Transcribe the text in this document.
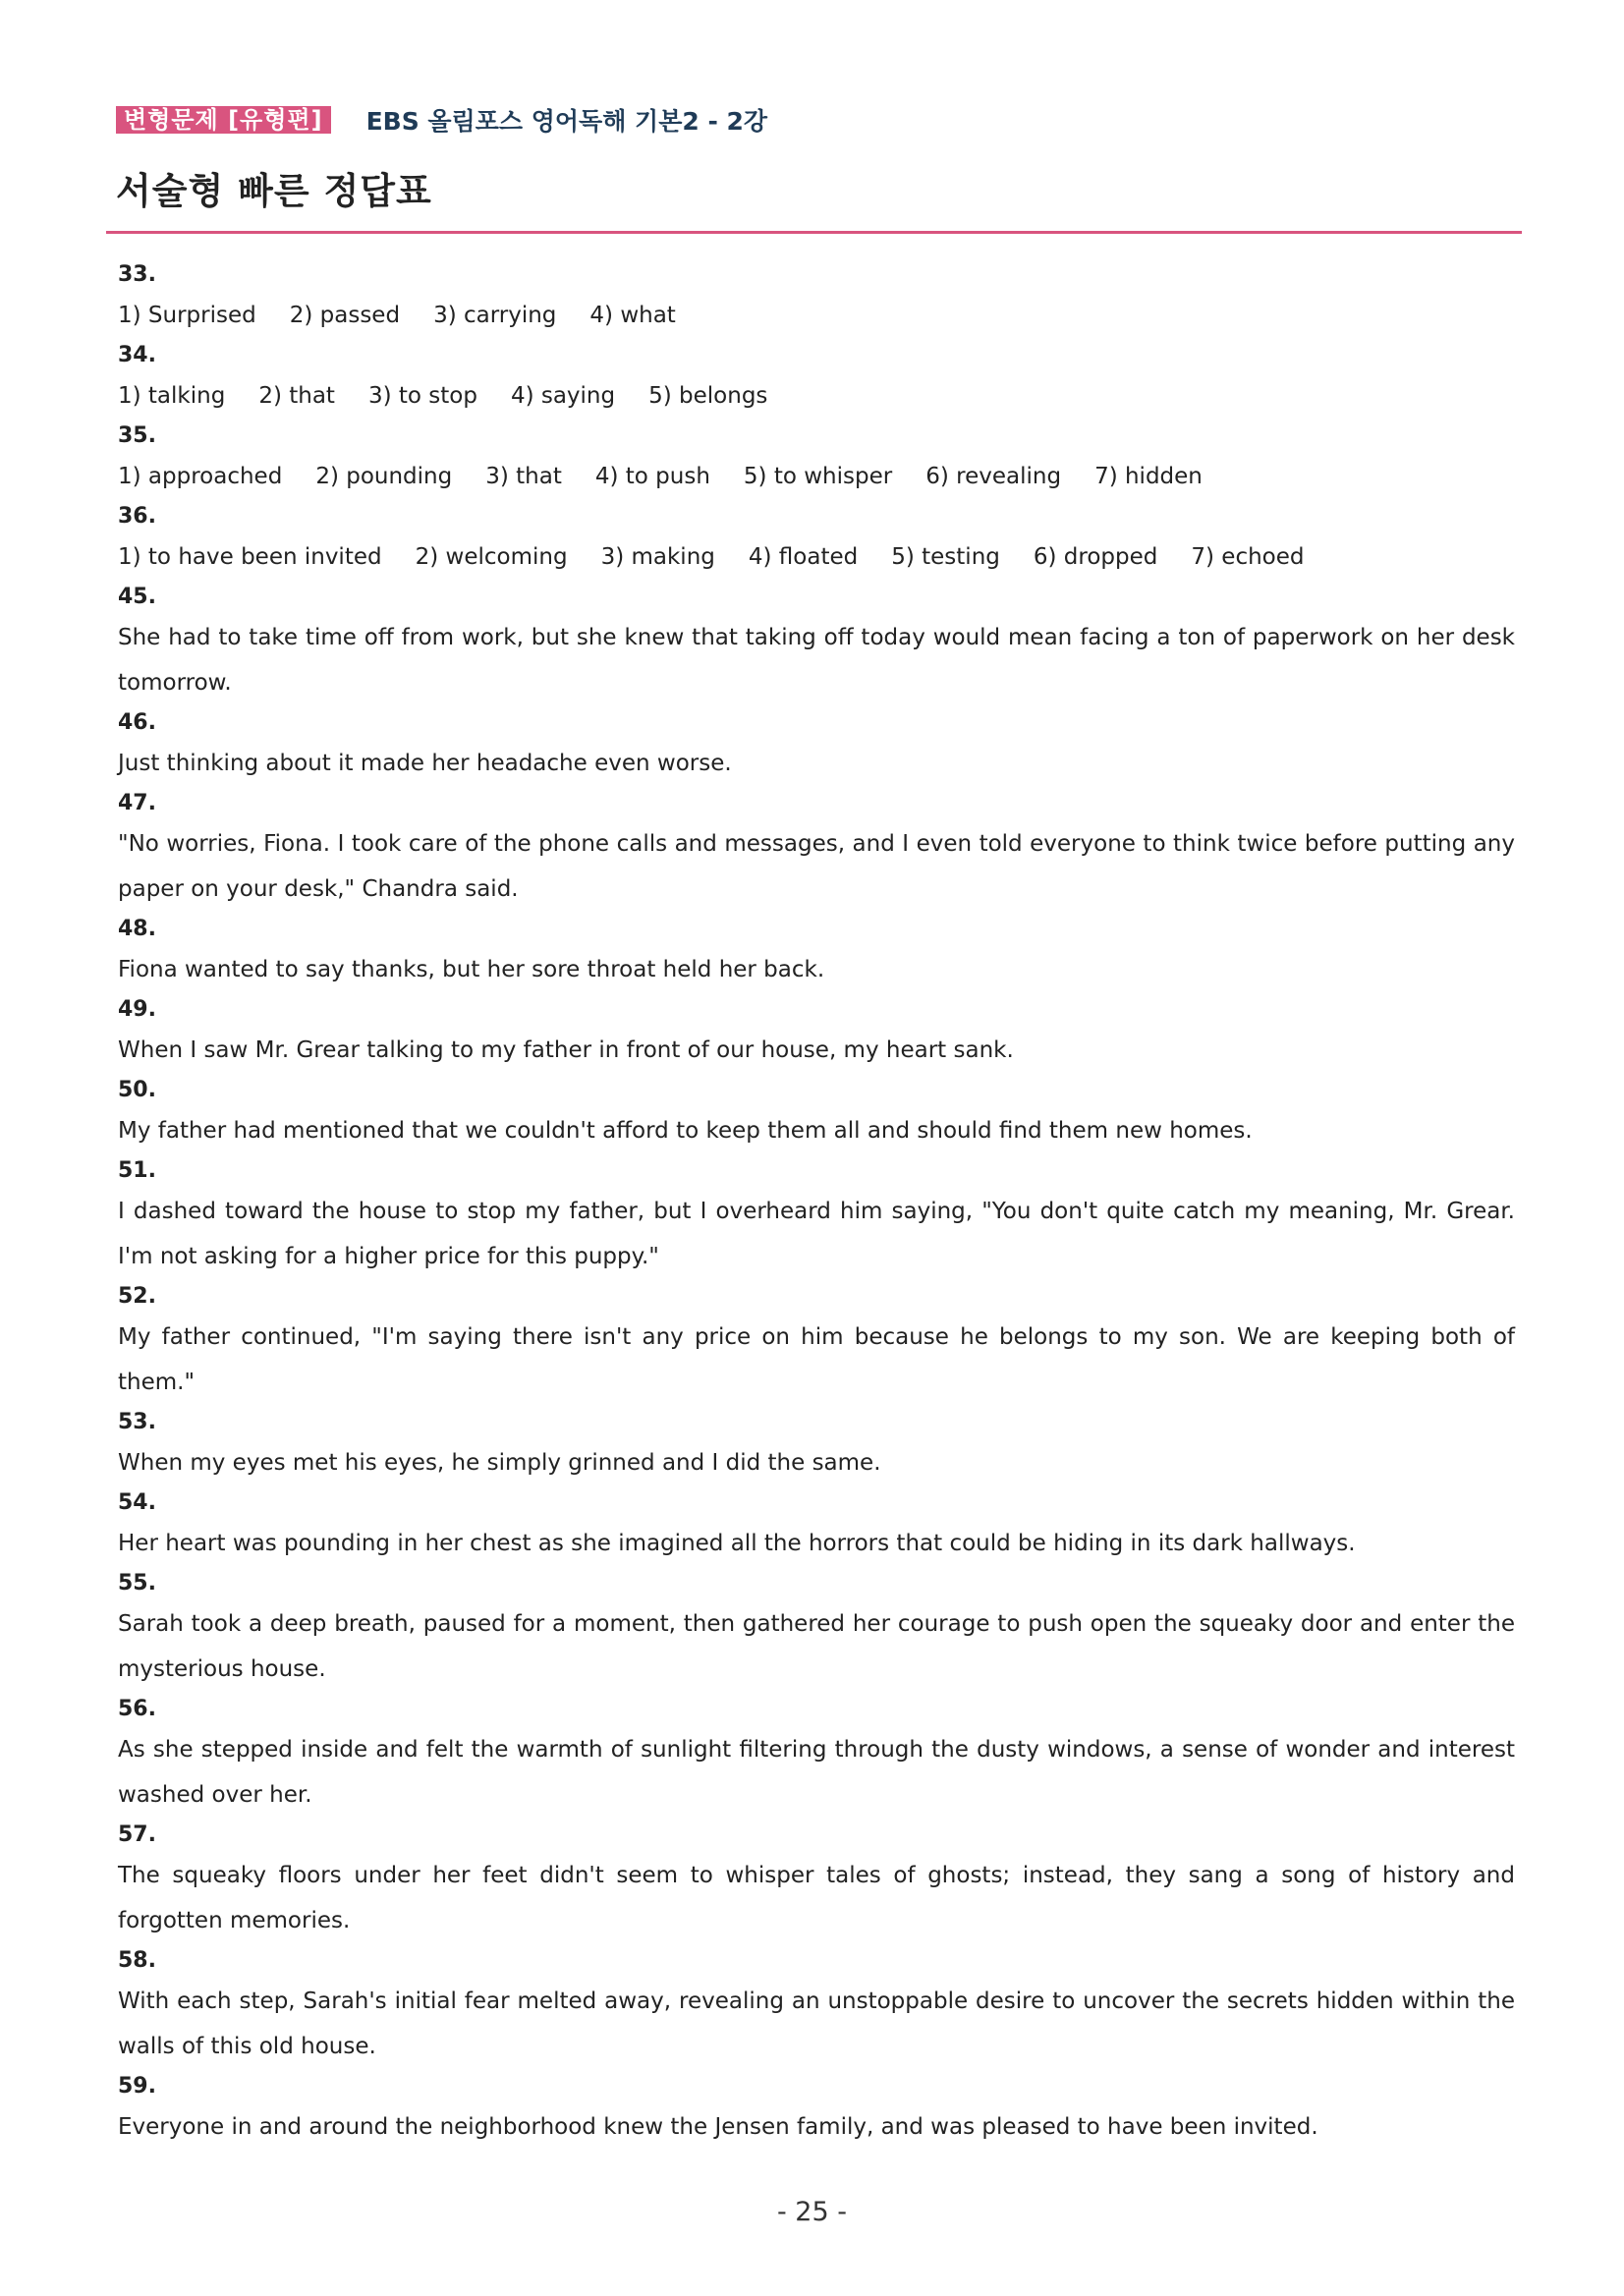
변형문제 [유형편]	EBS 올림포스 영어독해 기본2 - 2강
서술형 빠른 정답표
33.
1) Surprised 2) passed 3) carrying 4) what
34.
1) talking 2) that 3) to stop 4) saying 5) belongs
35.
1) approached 2) pounding 3) that 4) to push 5) to whisper 6) revealing 7) hidden
36.
1) to have been invited 2) welcoming 3) making 4) floated 5) testing 6) dropped 7) echoed
45.
She had to take time off from work, but she knew that taking off today would mean facing a ton of paperwork on her desk tomorrow.
46.
Just thinking about it made her headache even worse.
47.
"No worries, Fiona. I took care of the phone calls and messages, and I even told everyone to think twice before putting any paper on your desk," Chandra said.
48.
Fiona wanted to say thanks, but her sore throat held her back.
49.
When I saw Mr. Grear talking to my father in front of our house, my heart sank.
50.
My father had mentioned that we couldn't afford to keep them all and should find them new homes.
51.
I dashed toward the house to stop my father, but I overheard him saying, "You don't quite catch my meaning, Mr. Grear. I'm not asking for a higher price for this puppy."
52.
My father continued, "I'm saying there isn't any price on him because he belongs to my son. We are keeping both of them."
53.
When my eyes met his eyes, he simply grinned and I did the same.
54.
Her heart was pounding in her chest as she imagined all the horrors that could be hiding in its dark hallways.
55.
Sarah took a deep breath, paused for a moment, then gathered her courage to push open the squeaky door and enter the mysterious house.
56.
As she stepped inside and felt the warmth of sunlight filtering through the dusty windows, a sense of wonder and interest washed over her.
57.
The squeaky floors under her feet didn't seem to whisper tales of ghosts; instead, they sang a song of history and forgotten memories.
58.
With each step, Sarah's initial fear melted away, revealing an unstoppable desire to uncover the secrets hidden within the walls of this old house.
59.
Everyone in and around the neighborhood knew the Jensen family, and was pleased to have been invited.
- 25 -
